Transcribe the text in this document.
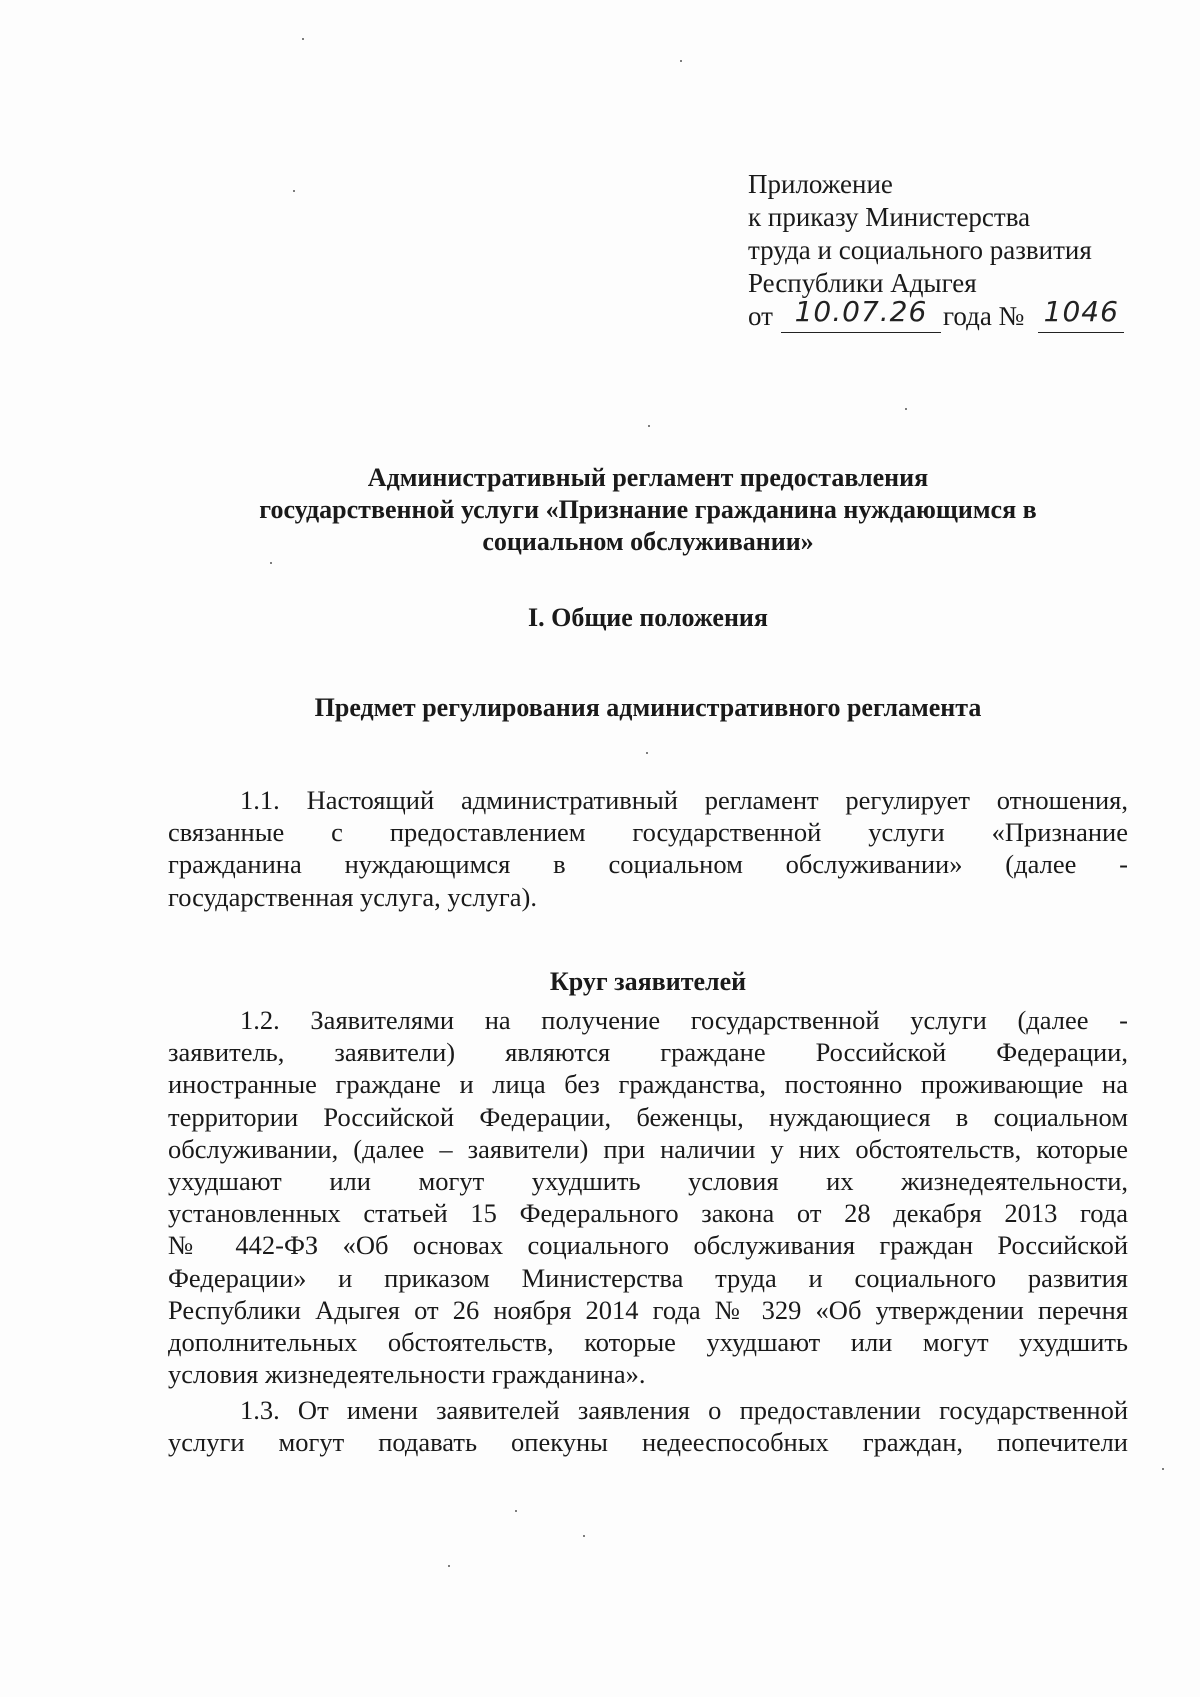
Приложение
к приказу Министерства
труда и социального развития
Республики Адыгея
от 10.07.26 года № 1046
Административный регламент предоставления
государственной услуги «Признание гражданина нуждающимся в
социальном обслуживании»
I. Общие положения
Предмет регулирования административного регламента
1.1. Настоящий административный регламент регулирует отношения,
связанные с предоставлением государственной услуги «Признание
гражданина нуждающимся в социальном обслуживании» (далее -
государственная услуга, услуга).
Круг заявителей
1.2. Заявителями на получение государственной услуги (далее -
заявитель, заявители) являются граждане Российской Федерации,
иностранные граждане и лица без гражданства, постоянно проживающие на
территории Российской Федерации, беженцы, нуждающиеся в социальном
обслуживании, (далее – заявители) при наличии у них обстоятельств, которые
ухудшают или могут ухудшить условия их жизнедеятельности,
установленных статьей 15 Федерального закона от 28 декабря 2013 года
№ 442-ФЗ «Об основах социального обслуживания граждан Российской
Федерации» и приказом Министерства труда и социального развития
Республики Адыгея от 26 ноября 2014 года № 329 «Об утверждении перечня
дополнительных обстоятельств, которые ухудшают или могут ухудшить
условия жизнедеятельности гражданина».
1.3. От имени заявителей заявления о предоставлении государственной
услуги могут подавать опекуны недееспособных граждан, попечители
